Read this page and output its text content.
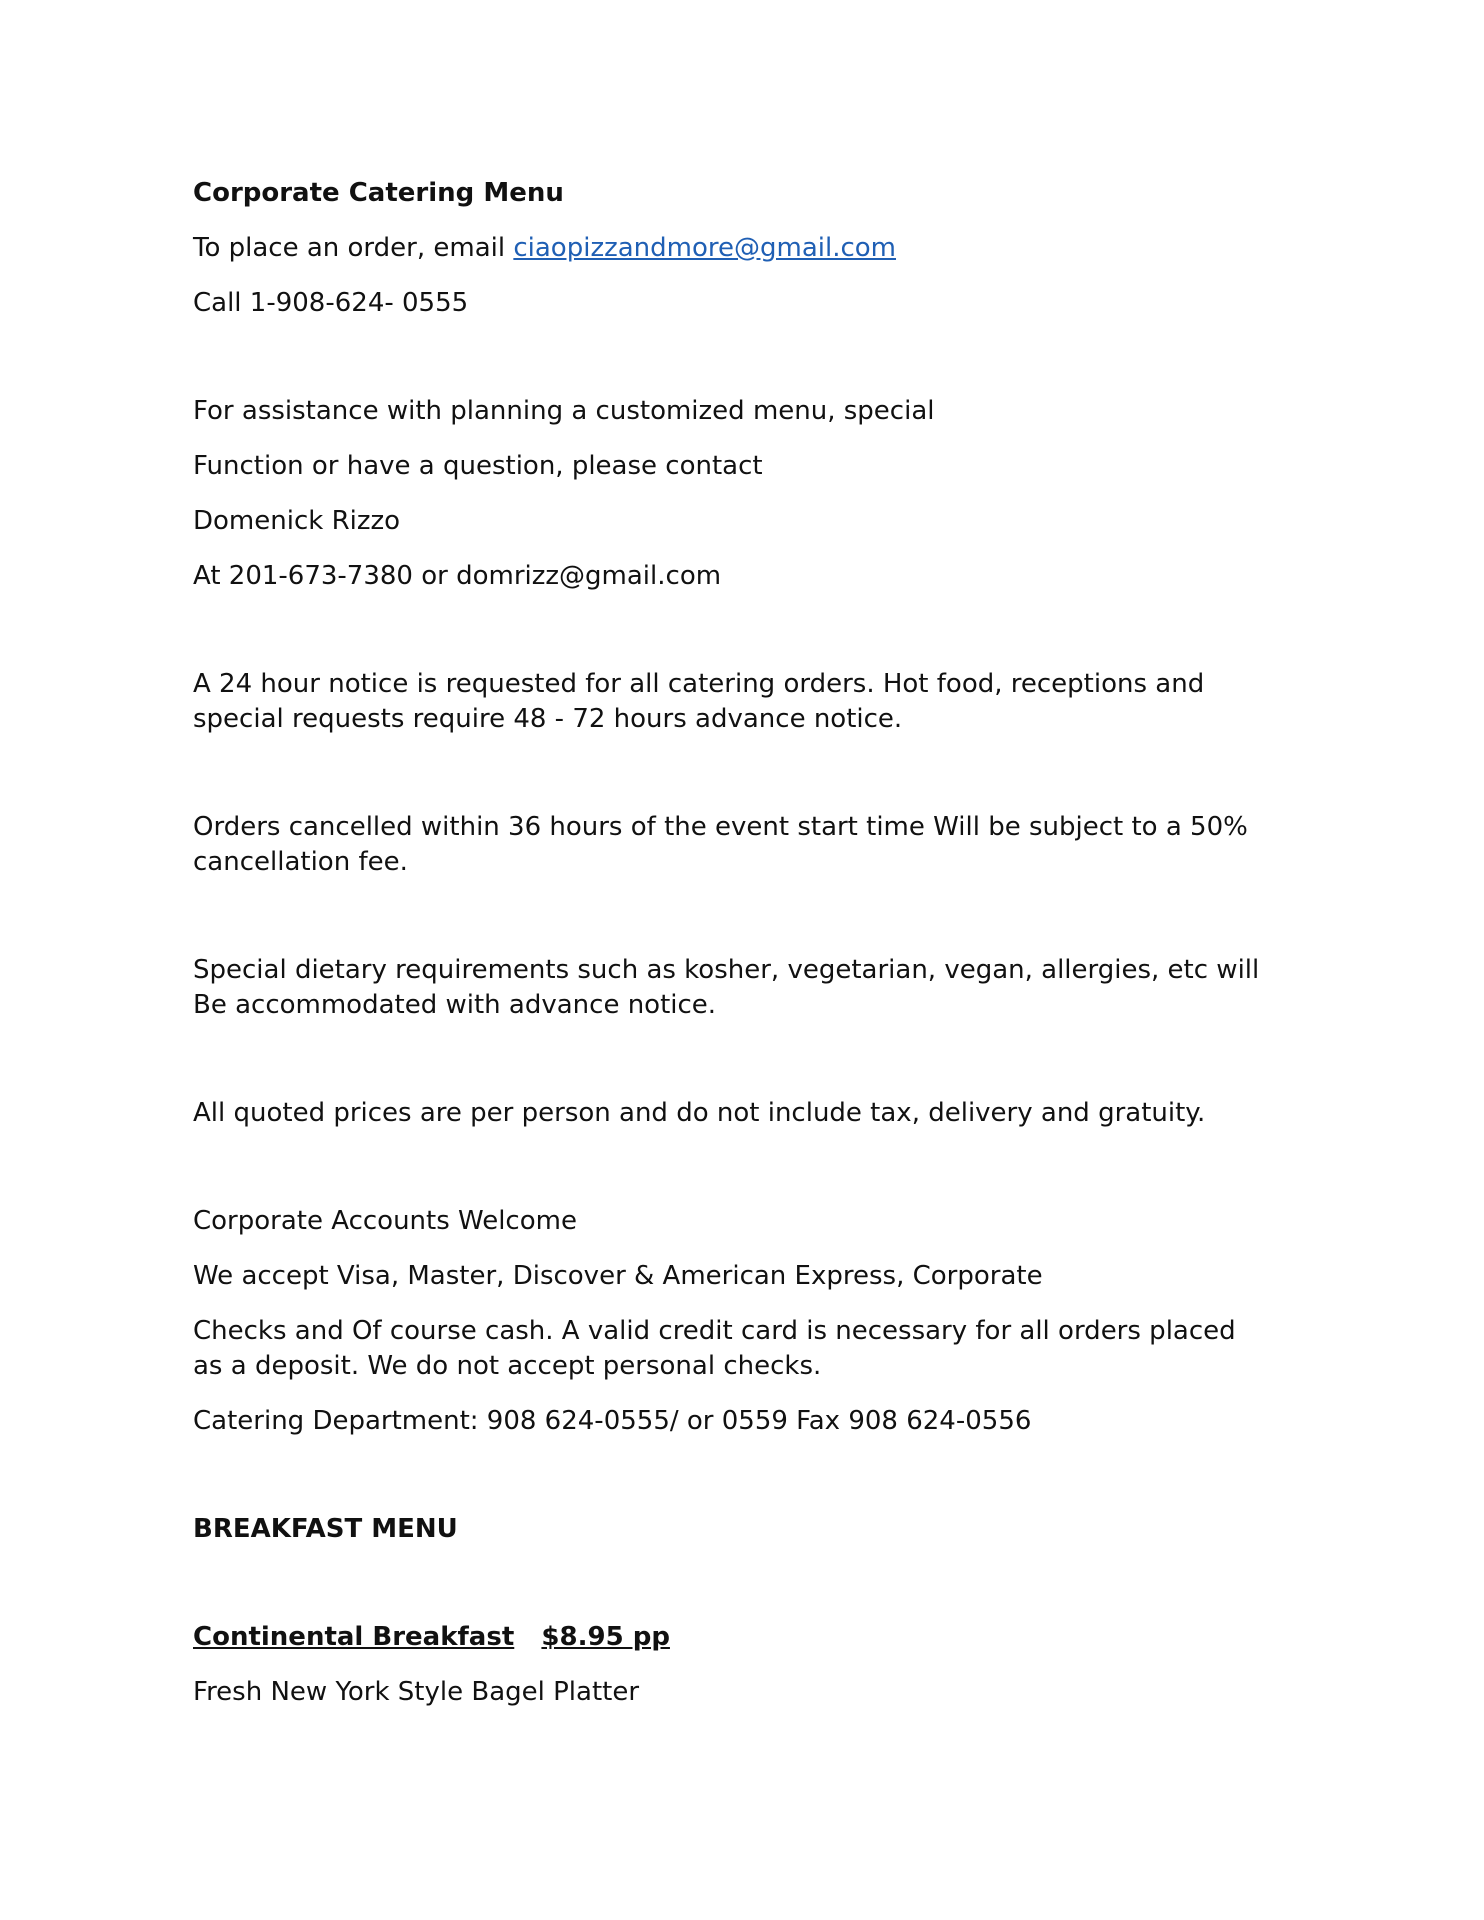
Corporate Catering Menu

To place an order, email ciaopizzandmore@gmail.com

Call 1-908-624- 0555

For assistance with planning a customized menu, special

Function or have a question, please contact

Domenick Rizzo

At 201-673-7380 or domrizz@gmail.com

A 24 hour notice is requested for all catering orders. Hot food, receptions and

special requests require 48 - 72 hours advance notice.

Orders cancelled within 36 hours of the event start time Will be subject to a 50%

cancellation fee.

Special dietary requirements such as kosher, vegetarian, vegan, allergies, etc will

Be accommodated with advance notice.

All quoted prices are per person and do not include tax, delivery and gratuity.

Corporate Accounts Welcome

We accept Visa, Master, Discover & American Express, Corporate

Checks and Of course cash. A valid credit card is necessary for all orders placed

as a deposit. We do not accept personal checks.

Catering Department: 908 624-0555/ or 0559 Fax 908 624-0556

BREAKFAST MENU

Continental Breakfast $8.95 pp

Fresh New York Style Bagel Platter
